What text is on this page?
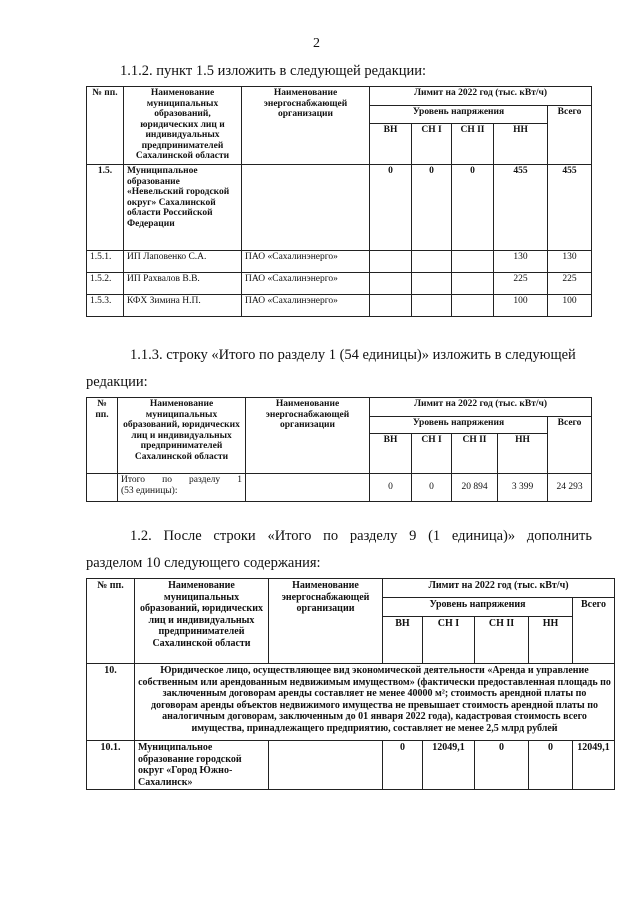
2
1.1.2. пункт 1.5 изложить в следующей редакции:
№ пп.	Наименование муниципальных образований, юридических лиц и индивидуальных предпринимателей Сахалинской области	Наименование энергоснабжающей организации	Лимит на 2022 год (тыс. кВт/ч)				
			Уровень напряжения				Всего
			ВН	СН I	СН II	НН	
1.5.	Муниципальное образование «Невельский городской округ» Сахалинской области Российской Федерации		0	0	0	455	455
1.5.1.	ИП Лаповенко С.А.	ПАО «Сахалинэнерго»				130	130
1.5.2.	ИП Рахвалов В.В.	ПАО «Сахалинэнерго»				225	225
1.5.3.	КФХ Зимина Н.П.	ПАО «Сахалинэнерго»				100	100
1.1.3. строку «Итого по разделу 1 (54 единицы)» изложить в следующей
редакции:
№ пп.	Наименование муниципальных образований, юридических лиц и индивидуальных предпринимателей Сахалинской области	Наименование энергоснабжающей организации	Лимит на 2022 год (тыс. кВт/ч)				
			Уровень напряжения				Всего
			ВН	СН I	СН II	НН	

	Итого по разделу 1
(53 единицы):		0	0	20 894	3 399	24 293
1.2. После строки «Итого по разделу 9 (1 единица)» дополнить
разделом 10 следующего содержания:
№ пп.	Наименование муниципальных образований, юридических лиц и индивидуальных предпринимателей Сахалинской области	Наименование энергоснабжающей организации	Лимит на 2022 год (тыс. кВт/ч)				
			Уровень напряжения				Всего
			ВН	СН I	СН II	НН	
10.	Юридическое лицо, осуществляющее вид экономической деятельности «Аренда и управление собственным или арендованным недвижимым имуществом» (фактически предоставленная площадь по заключенным договорам аренды составляет не менее 40000 м²; стоимость арендной платы по договорам аренды объектов недвижимого имущества не превышает стоимость арендной платы по аналогичным договорам, заключенным до 01 января 2022 года), кадастровая стоимость всего имущества, принадлежащего предприятию, составляет не менее 2,5 млрд рублей						
10.1.	Муниципальное образование городской округ «Город Южно-Сахалинск»		0	12049,1	0	0	12049,1
